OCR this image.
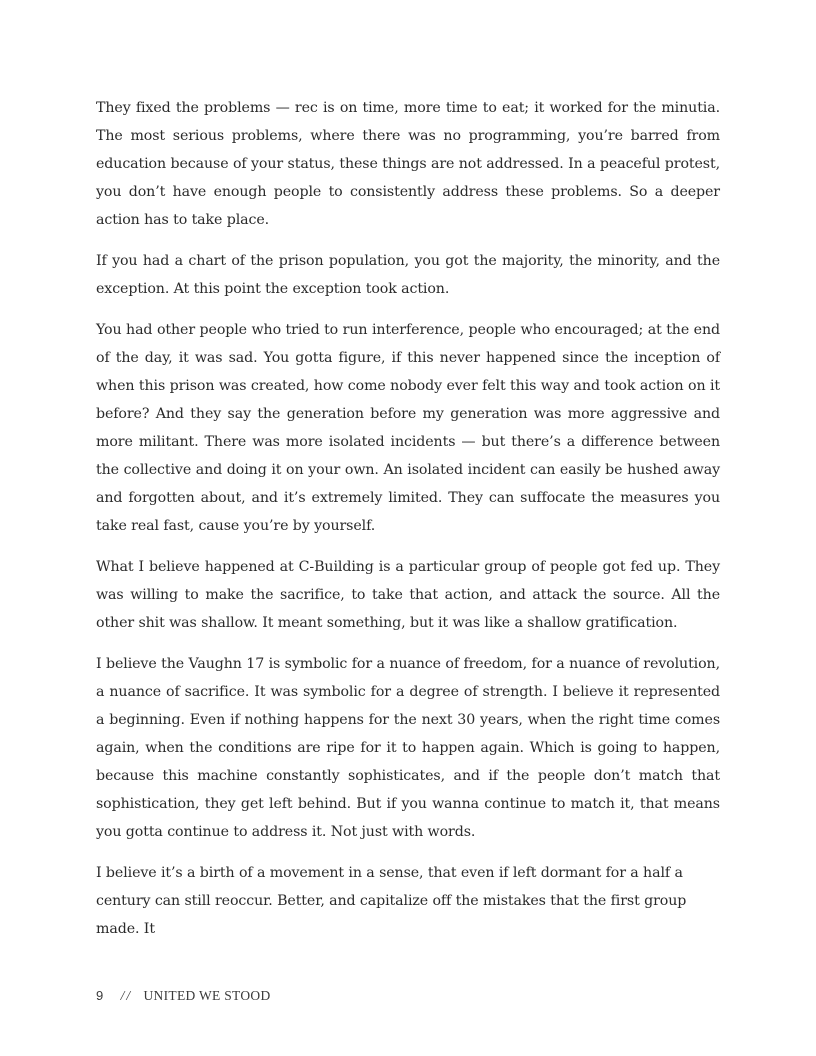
They fixed the problems — rec is on time, more time to eat; it worked for the minutia. The most serious problems, where there was no programming, you’re barred from education because of your status, these things are not addressed. In a peaceful protest, you don’t have enough people to consistently address these problems. So a deeper action has to take place.

If you had a chart of the prison population, you got the majority, the minority, and the exception. At this point the exception took action.

You had other people who tried to run interference, people who encouraged; at the end of the day, it was sad. You gotta figure, if this never happened since the inception of when this prison was created, how come nobody ever felt this way and took action on it before? And they say the generation before my generation was more aggressive and more militant. There was more isolated incidents — but there’s a difference between the collective and doing it on your own. An isolated incident can easily be hushed away and forgotten about, and it’s extremely limited. They can suffocate the measures you take real fast, cause you’re by yourself.

What I believe happened at C-Building is a particular group of people got fed up. They was willing to make the sacrifice, to take that action, and attack the source. All the other shit was shallow. It meant something, but it was like a shallow gratification.

I believe the Vaughn 17 is symbolic for a nuance of freedom, for a nuance of revolution, a nuance of sacrifice. It was symbolic for a degree of strength. I believe it represented a beginning. Even if nothing happens for the next 30 years, when the right time comes again, when the conditions are ripe for it to happen again. Which is going to happen, because this machine constantly sophisticates, and if the people don’t match that sophistication, they get left behind. But if you wanna continue to match it, that means you gotta continue to address it. Not just with words.

I believe it’s a birth of a movement in a sense, that even if left dormant for a half a century can still reoccur. Better, and capitalize off the mistakes that the first group made. It

9 // UNITED WE STOOD
